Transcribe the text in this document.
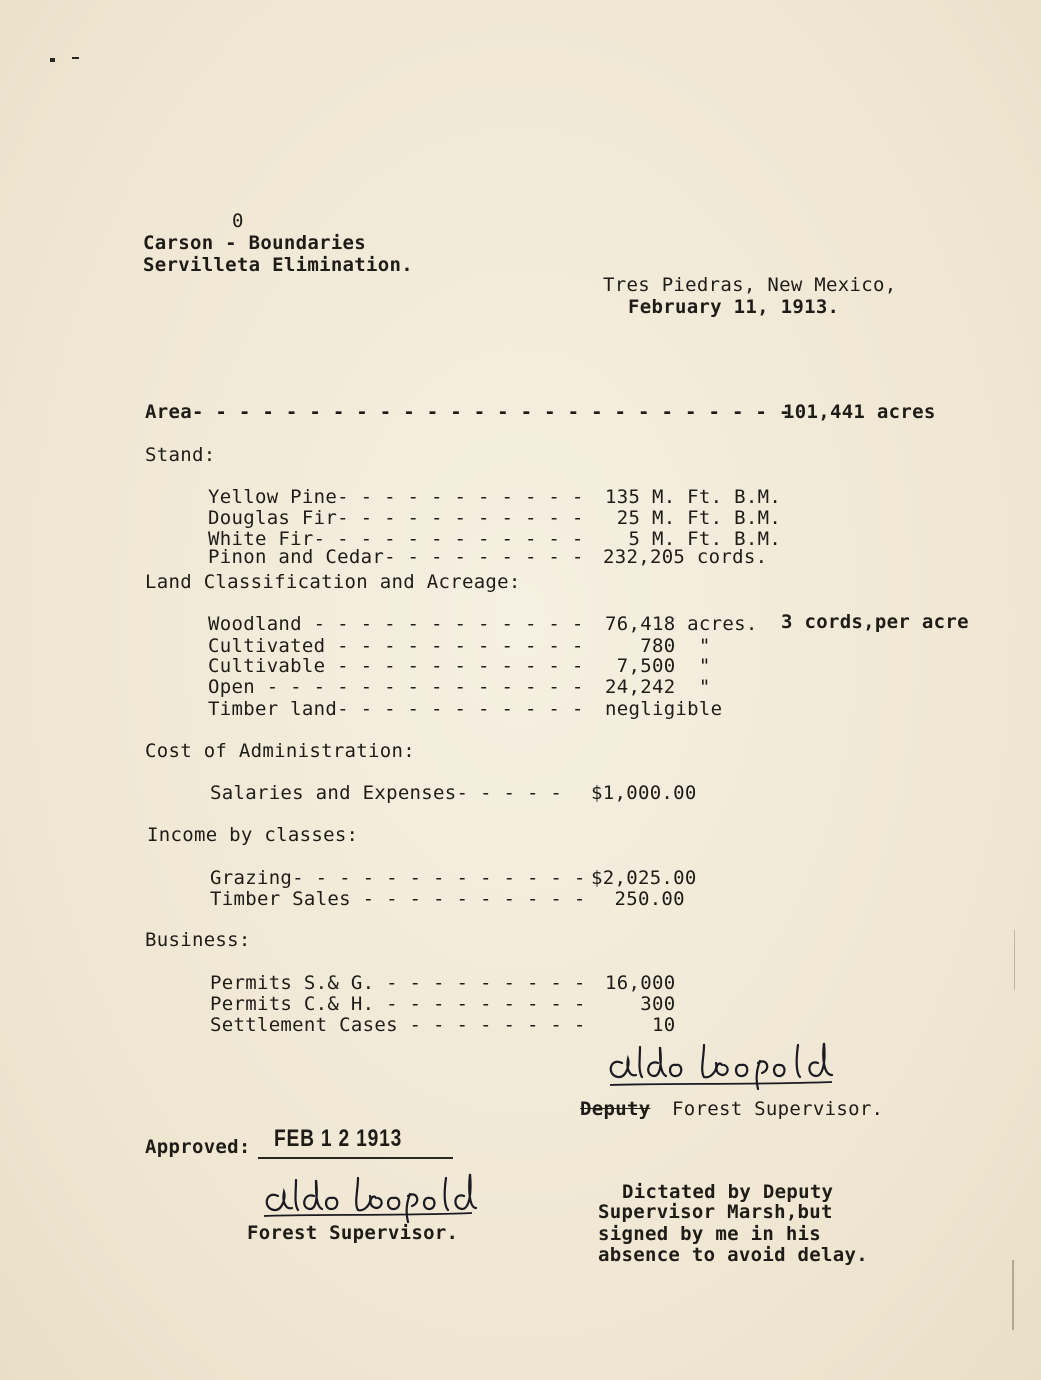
0
Carson - Boundaries
Servilleta Elimination.
Tres Piedras, New Mexico,
February 11, 1913.
Area- - - - - - - - - - - - - - - - - - - - - - - - - -
101,441 acres
Stand:
Yellow Pine- - - - - - - - - - - 135 M. Ft. B.M.
Douglas Fir- - - - - - - - - - - 25 M. Ft. B.M.
White Fir- - - - - - - - - - - - 5 M. Ft. B.M.
Pinon and Cedar- - - - - - - - - 232,205 cords.
Land Classification and Acreage:
Woodland - - - - - - - - - - - - 76,418 acres. 3 cords,per acre
Cultivated - - - - - - - - - - - 780  "
Cultivable - - - - - - - - - - - 7,500  "
Open - - - - - - - - - - - - - - 24,242  "
Timber land- - - - - - - - - - - negligible
Cost of Administration:
Salaries and Expenses- - - - - $1,000.00
Income by classes:
Grazing- - - - - - - - - - - - - $2,025.00
Timber Sales - - - - - - - - - - 250.00
Business:
Permits S.& G. - - - - - - - - - 16,000
Permits C.& H. - - - - - - - - - 300
Settlement Cases - - - - - - - - 10
Deputy Forest Supervisor.
Approved: FEB 1 2 1913
Forest Supervisor.
Dictated by Deputy
Supervisor Marsh,but
signed by me in his
absence to avoid delay.
